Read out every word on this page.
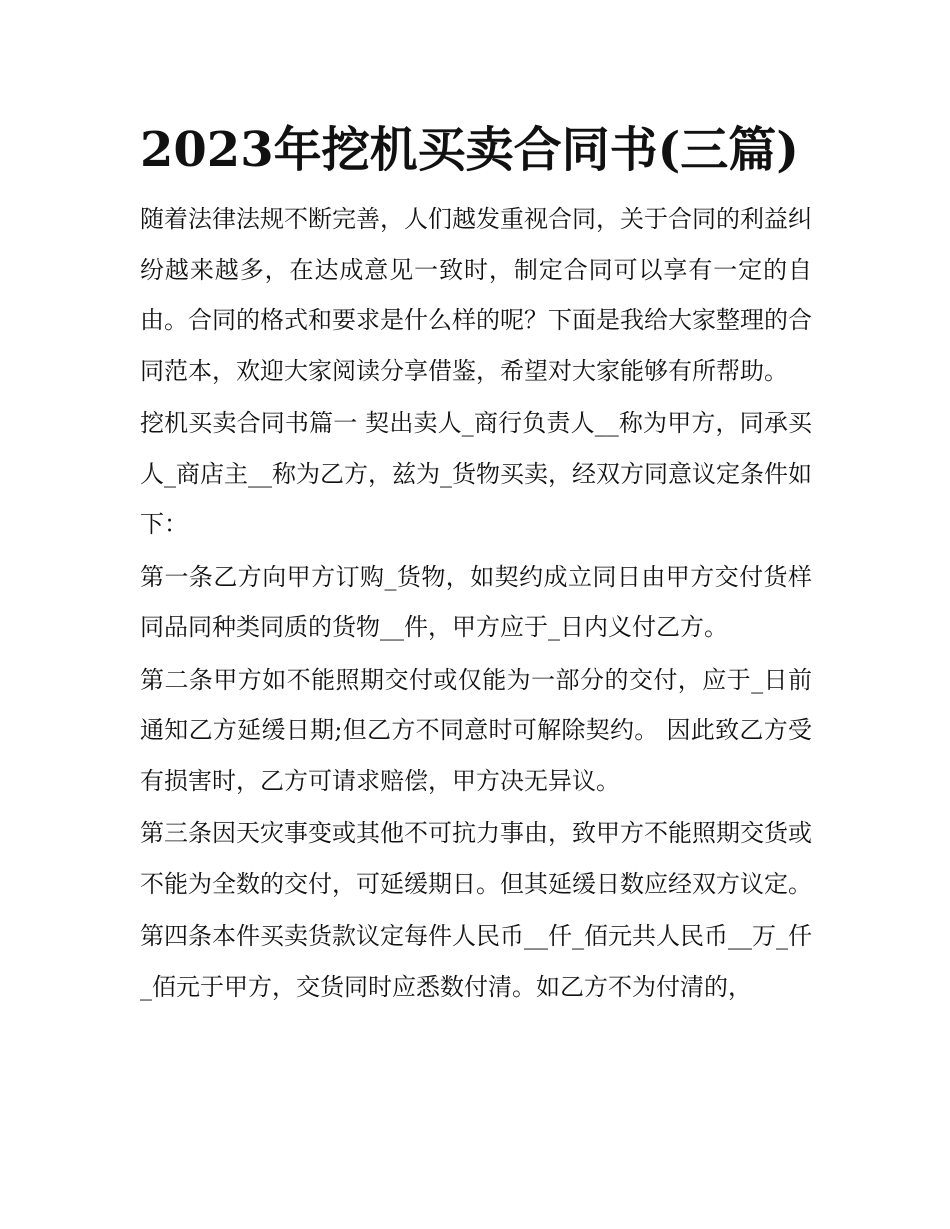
2023年挖机买卖合同书(三篇)

随着法律法规不断完善，人们越发重视合同，关于合同的利益纠纷越来越多，在达成意见一致时，制定合同可以享有一定的自由。合同的格式和要求是什么样的呢？下面是我给大家整理的合同范本，欢迎大家阅读分享借鉴，希望对大家能够有所帮助。

挖机买卖合同书篇一 契出卖人_商行负责人__称为甲方，同承买人_商店主__称为乙方，兹为_货物买卖，经双方同意议定条件如下：

第一条乙方向甲方订购_货物，如契约成立同日由甲方交付货样同品同种类同质的货物__件，甲方应于_日内义付乙方。

第二条甲方如不能照期交付或仅能为一部分的交付，应于_日前通知乙方延缓日期;但乙方不同意时可解除契约。 因此致乙方受有损害时，乙方可请求赔偿，甲方决无异议。

第三条因天灾事变或其他不可抗力事由，致甲方不能照期交货或不能为全数的交付，可延缓期日。但其延缓日数应经双方议定。

第四条本件买卖货款议定每件人民币__仟_佰元共人民币__万_仟_佰元于甲方，交货同时应悉数付清。如乙方不为付清的，
